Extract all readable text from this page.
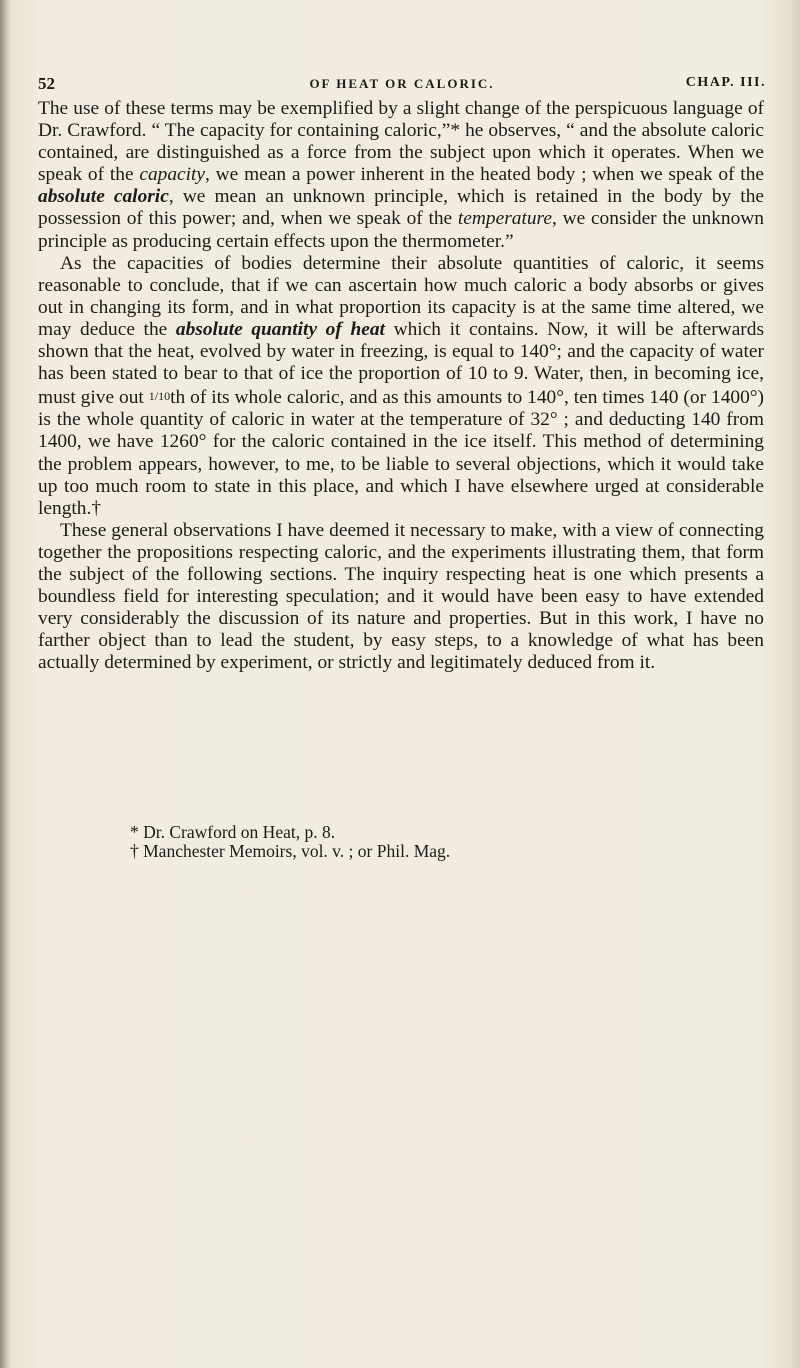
52	OF HEAT OR CALORIC.	CHAP. III.

The use of these terms may be exemplified by a slight change of the perspicuous language of Dr. Crawford. “ The capacity for containing caloric,”* he observes, “ and the absolute caloric contained, are distinguished as a force from the subject upon which it operates. When we speak of the capacity, we mean a power inherent in the heated body ; when we speak of the absolute caloric, we mean an unknown principle, which is retained in the body by the possession of this power; and, when we speak of the temperature, we consider the unknown principle as producing certain effects upon the thermometer.”

As the capacities of bodies determine their absolute quantities of caloric, it seems reasonable to conclude, that if we can ascertain how much caloric a body absorbs or gives out in changing its form, and in what proportion its capacity is at the same time altered, we may deduce the absolute quantity of heat which it contains. Now, it will be afterwards shown that the heat, evolved by water in freezing, is equal to 140°; and the capacity of water has been stated to bear to that of ice the proportion of 10 to 9. Water, then, in becoming ice, must give out 1/10th of its whole caloric, and as this amounts to 140°, ten times 140 (or 1400°) is the whole quantity of caloric in water at the temperature of 32° ; and deducting 140 from 1400, we have 1260° for the caloric contained in the ice itself. This method of determining the problem appears, however, to me, to be liable to several objections, which it would take up too much room to state in this place, and which I have elsewhere urged at considerable length.†

These general observations I have deemed it necessary to make, with a view of connecting together the propositions respecting caloric, and the experiments illustrating them, that form the subject of the following sections. The inquiry respecting heat is one which presents a boundless field for interesting speculation; and it would have been easy to have extended very considerably the discussion of its nature and properties. But in this work, I have no farther object than to lead the student, by easy steps, to a knowledge of what has been actually determined by experiment, or strictly and legitimately deduced from it.

* Dr. Crawford on Heat, p. 8.
† Manchester Memoirs, vol. v. ; or Phil. Mag.
